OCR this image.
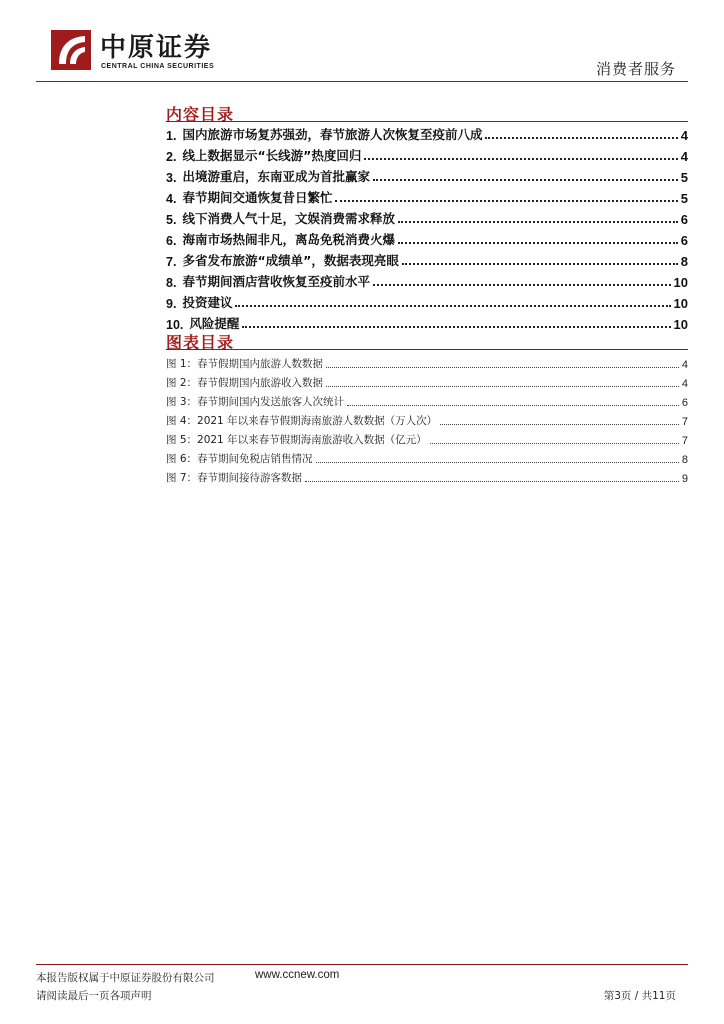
中原证券
CENTRAL CHINA SECURITIES	消费者服务
内容目录
1. 国内旅游市场复苏强劲，春节旅游人次恢复至疫前八成	4
2. 线上数据显示“长线游”热度回归	4
3. 出境游重启，东南亚成为首批赢家	5
4. 春节期间交通恢复昔日繁忙	5
5. 线下消费人气十足，文娱消费需求释放	6
6. 海南市场热闹非凡，离岛免税消费火爆	6
7. 多省发布旅游“成绩单”，数据表现亮眼	8
8. 春节期间酒店营收恢复至疫前水平	10
9. 投资建议	10
10. 风险提醒	10
图表目录
图 1：春节假期国内旅游人数数据	4
图 2：春节假期国内旅游收入数据	4
图 3：春节期间国内发送旅客人次统计	6
图 4：2021 年以来春节假期海南旅游人数数据（万人次）	7
图 5：2021 年以来春节假期海南旅游收入数据（亿元）	7
图 6：春节期间免税店销售情况	8
图 7：春节期间接待游客数据	9
本报告版权属于中原证券股份有限公司	www.ccnew.com
请阅读最后一页各项声明	第3页 / 共11页
